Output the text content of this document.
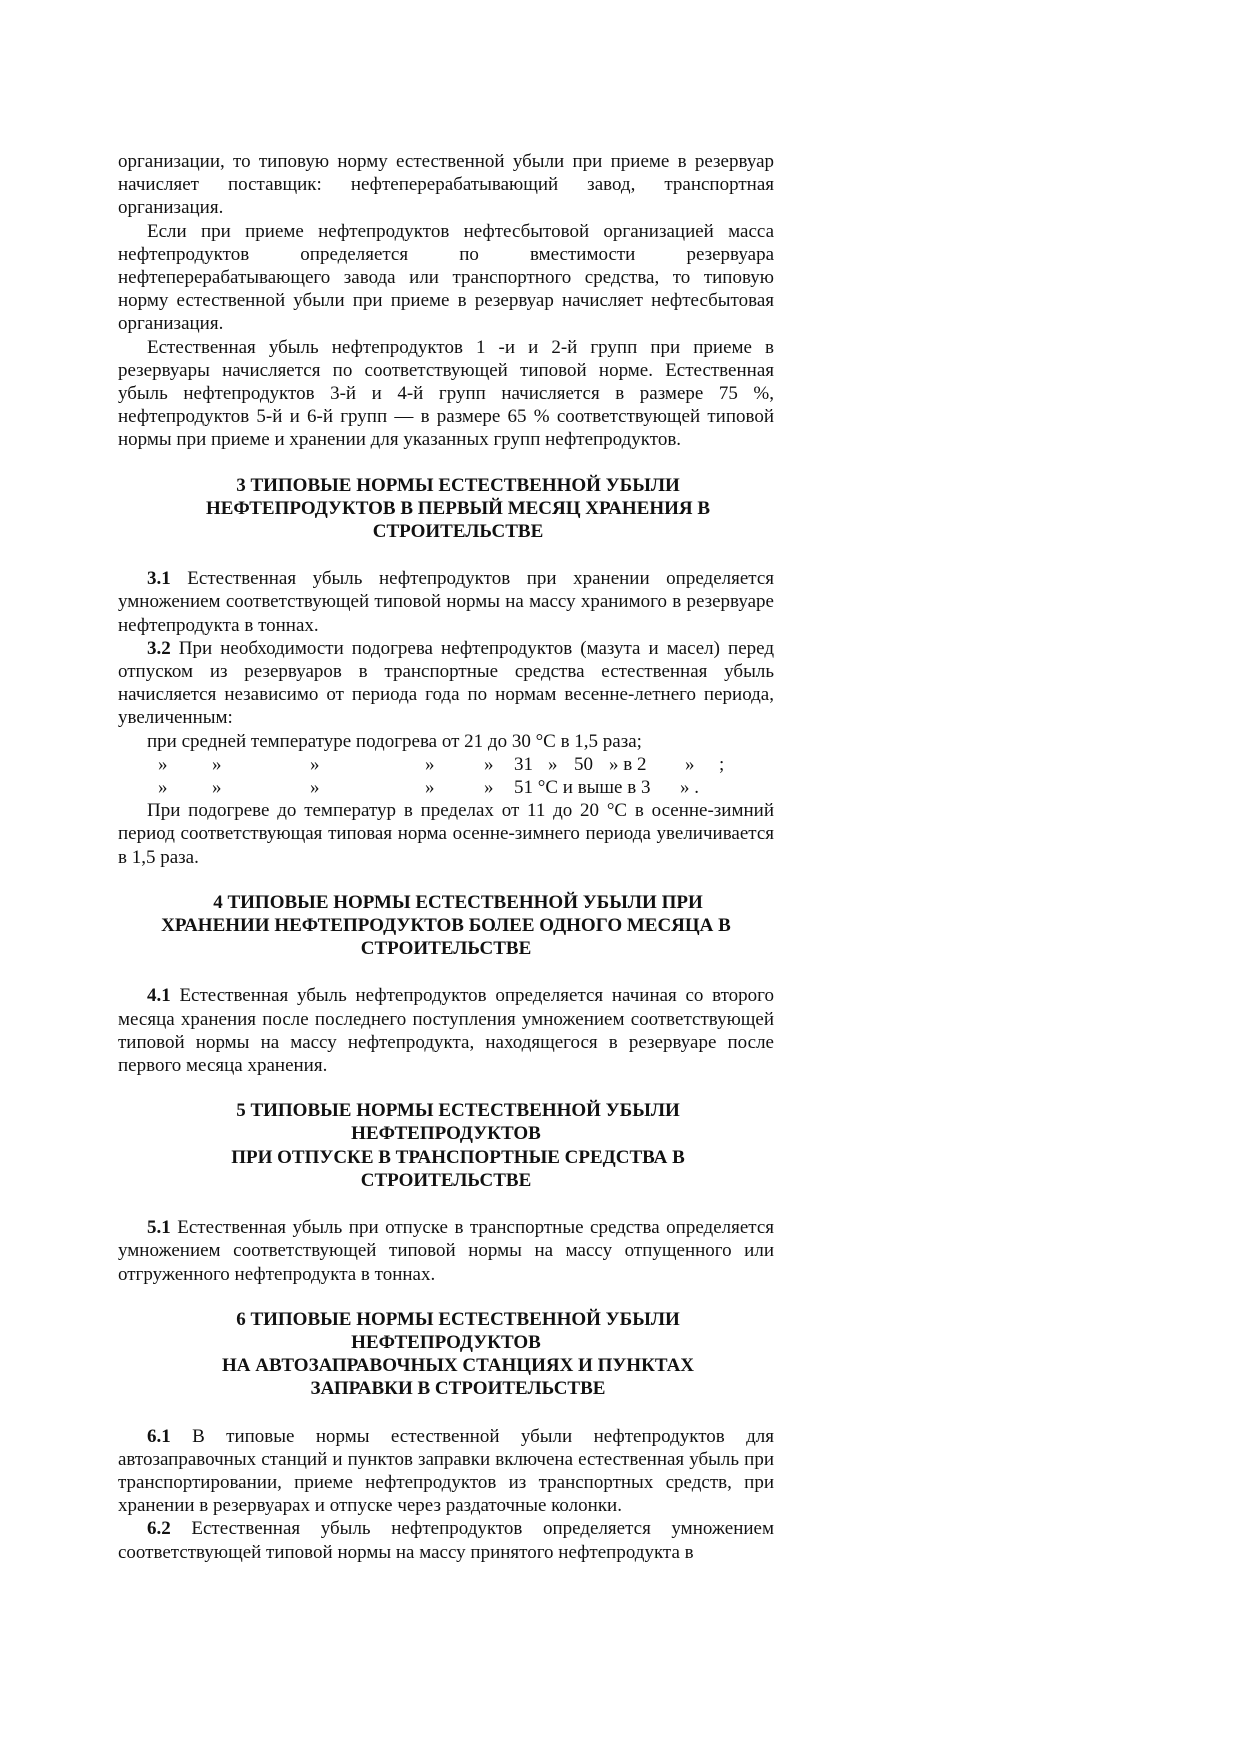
организации, то типовую норму естественной убыли при приеме в резервуар начисляет поставщик: нефтеперерабатывающий завод, транспортная организация.

Если при приеме нефтепродуктов нефтесбытовой организацией масса нефтепродуктов определяется по вместимости резервуара нефтеперерабатывающего завода или транспортного средства, то типовую норму естественной убыли при приеме в резервуар начисляет нефтесбытовая организация.

Естественная убыль нефтепродуктов 1 -и и 2-й групп при приеме в резервуары начисляется по соответствующей типовой норме. Естественная убыль нефтепродуктов 3-й и 4-й групп начисляется в размере 75 %, нефтепродуктов 5-й и 6-й групп — в размере 65 % соответствующей типовой нормы при приеме и хранении для указанных групп нефтепродуктов.

3 ТИПОВЫЕ НОРМЫ ЕСТЕСТВЕННОЙ УБЫЛИ
НЕФТЕПРОДУКТОВ В ПЕРВЫЙ МЕСЯЦ ХРАНЕНИЯ В
СТРОИТЕЛЬСТВЕ

3.1 Естественная убыль нефтепродуктов при хранении определяется умножением соответствующей типовой нормы на массу хранимого в резервуаре нефтепродукта в тоннах.

3.2 При необходимости подогрева нефтепродуктов (мазута и масел) перед отпуском из резервуаров в транспортные средства естественная убыль начисляется независимо от периода года по нормам весенне-летнего периода, увеличенным:

при средней температуре подогрева от 21 до 30 °С в 1,5 раза;

» »	»	»	» 31 » 50 » в 2 » ;
» »	»	»	» 51 °С и выше в 3 » .

При подогреве до температур в пределах от 11 до 20 °С в осенне-зимний период соответствующая типовая норма осенне-зимнего периода увеличивается в 1,5 раза.

4 ТИПОВЫЕ НОРМЫ ЕСТЕСТВЕННОЙ УБЫЛИ ПРИ
ХРАНЕНИИ НЕФТЕПРОДУКТОВ БОЛЕЕ ОДНОГО МЕСЯЦА В
СТРОИТЕЛЬСТВЕ

4.1 Естественная убыль нефтепродуктов определяется начиная со второго месяца хранения после последнего поступления умножением соответствующей типовой нормы на массу нефтепродукта, находящегося в резервуаре после первого месяца хранения.

5 ТИПОВЫЕ НОРМЫ ЕСТЕСТВЕННОЙ УБЫЛИ
НЕФТЕПРОДУКТОВ
ПРИ ОТПУСКЕ В ТРАНСПОРТНЫЕ СРЕДСТВА В
СТРОИТЕЛЬСТВЕ

5.1 Естественная убыль при отпуске в транспортные средства определяется умножением соответствующей типовой нормы на массу отпущенного или отгруженного нефтепродукта в тоннах.

6 ТИПОВЫЕ НОРМЫ ЕСТЕСТВЕННОЙ УБЫЛИ
НЕФТЕПРОДУКТОВ
НА АВТОЗАПРАВОЧНЫХ СТАНЦИЯХ И ПУНКТАХ
ЗАПРАВКИ В СТРОИТЕЛЬСТВЕ

6.1 В типовые нормы естественной убыли нефтепродуктов для автозаправочных станций и пунктов заправки включена естественная убыль при транспортировании, приеме нефтепродуктов из транспортных средств, при хранении в резервуарах и отпуске через раздаточные колонки.

6.2 Естественная убыль нефтепродуктов определяется умножением соответствующей типовой нормы на массу принятого нефтепродукта в
